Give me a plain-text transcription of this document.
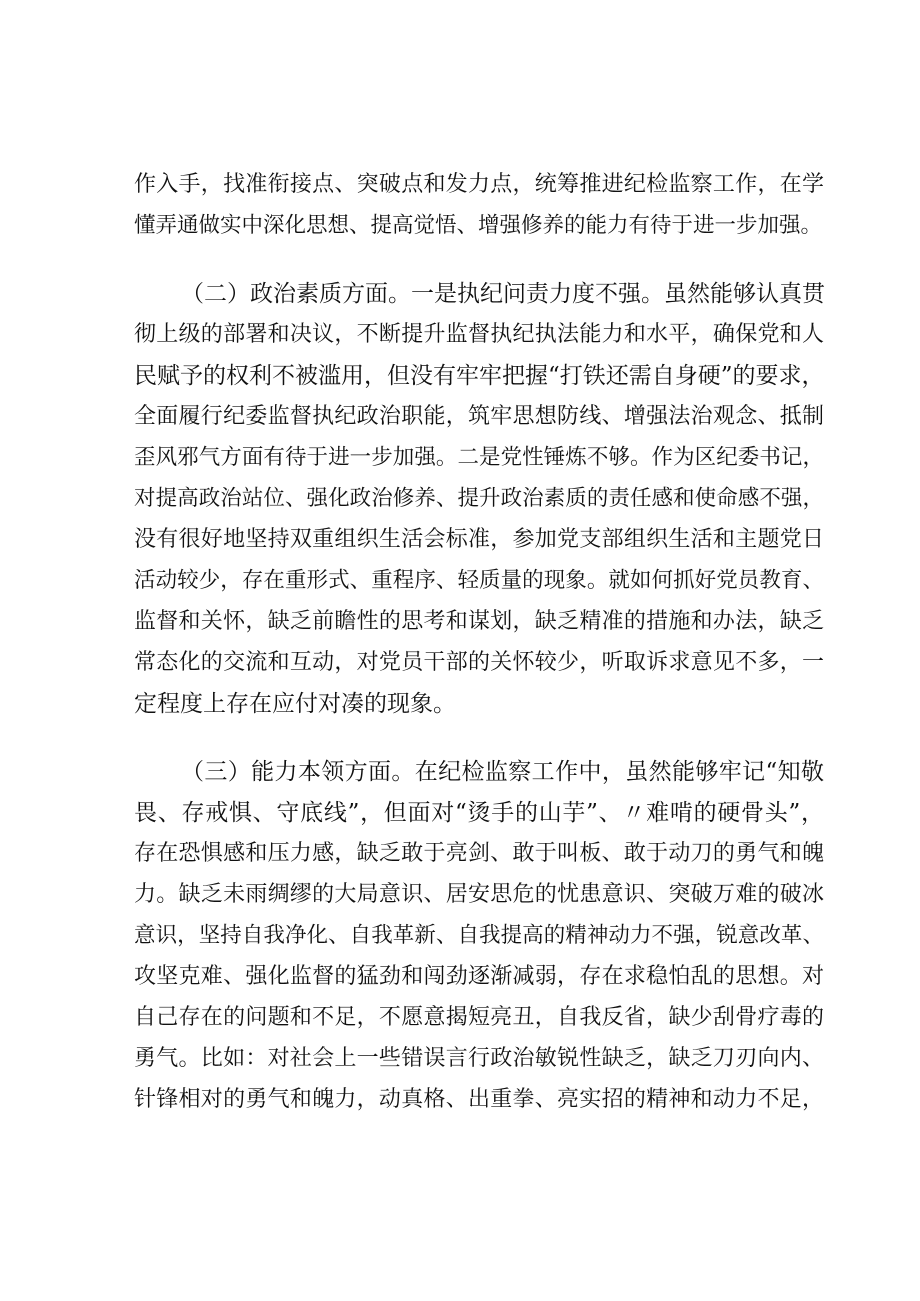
作入手，找准衔接点、突破点和发力点，统筹推进纪检监察工作，在学
懂弄通做实中深化思想、提高觉悟、增强修养的能力有待于进一步加强。
（二）政治素质方面。一是执纪问责力度不强。虽然能够认真贯
彻上级的部署和决议，不断提升监督执纪执法能力和水平，确保党和人
民赋予的权利不被滥用，但没有牢牢把握“打铁还需自身硬”的要求，
全面履行纪委监督执纪政治职能，筑牢思想防线、增强法治观念、抵制
歪风邪气方面有待于进一步加强。二是党性锤炼不够。作为区纪委书记，
对提高政治站位、强化政治修养、提升政治素质的责任感和使命感不强，
没有很好地坚持双重组织生活会标准，参加党支部组织生活和主题党日
活动较少，存在重形式、重程序、轻质量的现象。就如何抓好党员教育、
监督和关怀，缺乏前瞻性的思考和谋划，缺乏精准的措施和办法，缺乏
常态化的交流和互动，对党员干部的关怀较少，听取诉求意见不多，一
定程度上存在应付对凑的现象。
（三）能力本领方面。在纪检监察工作中，虽然能够牢记“知敬
畏、存戒惧、守底线”，但面对“烫手的山芋”、〃难啃的硬骨头”，
存在恐惧感和压力感，缺乏敢于亮剑、敢于叫板、敢于动刀的勇气和魄
力。缺乏未雨绸缪的大局意识、居安思危的忧患意识、突破万难的破冰
意识，坚持自我净化、自我革新、自我提高的精神动力不强，锐意改革、
攻坚克难、强化监督的猛劲和闯劲逐渐减弱，存在求稳怕乱的思想。对
自己存在的问题和不足，不愿意揭短亮丑，自我反省，缺少刮骨疗毒的
勇气。比如：对社会上一些错误言行政治敏锐性缺乏，缺乏刀刃向内、
针锋相对的勇气和魄力，动真格、出重拳、亮实招的精神和动力不足，
